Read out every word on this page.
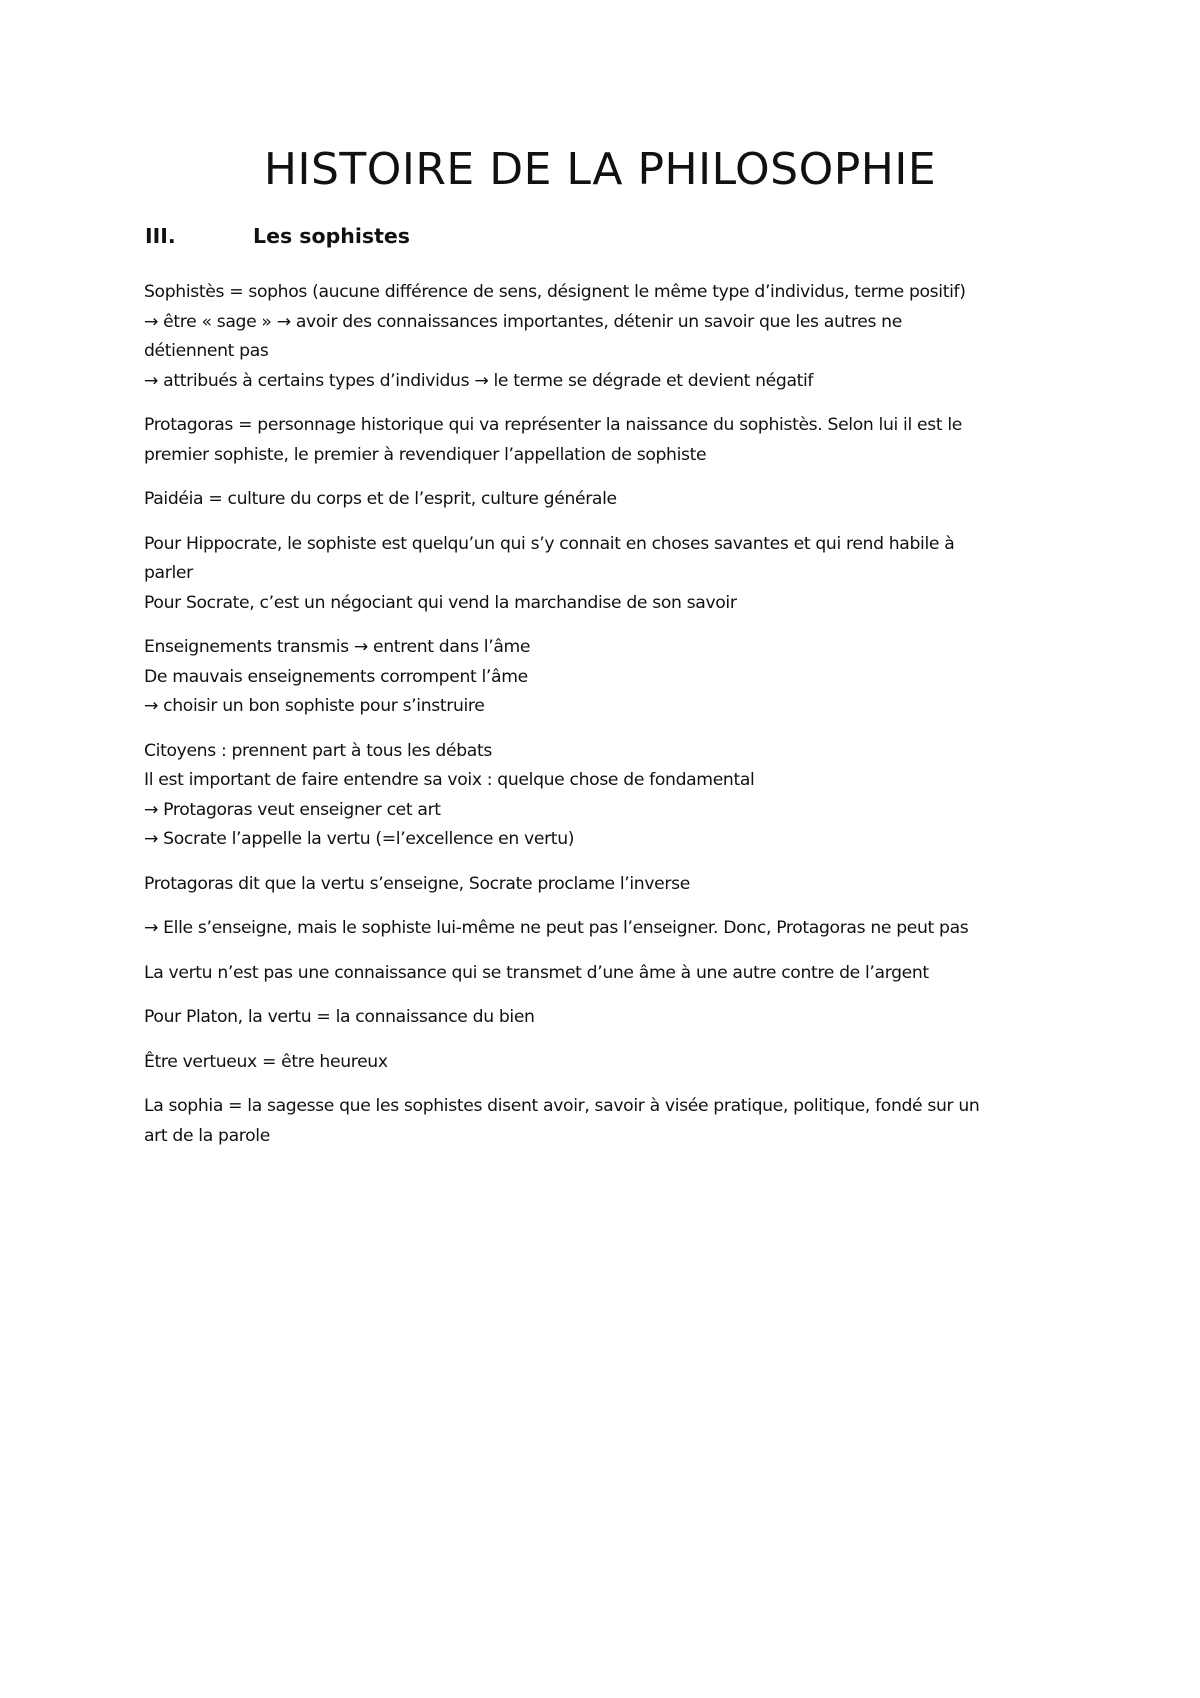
HISTOIRE DE LA PHILOSOPHIE
III.	Les sophistes

Sophistès = sophos (aucune différence de sens, désignent le même type d’individus, terme positif)
→ être « sage » → avoir des connaissances importantes, détenir un savoir que les autres ne
détiennent pas
→ attribués à certains types d’individus → le terme se dégrade et devient négatif

Protagoras = personnage historique qui va représenter la naissance du sophistès. Selon lui il est le
premier sophiste, le premier à revendiquer l’appellation de sophiste

Paidéia = culture du corps et de l’esprit, culture générale

Pour Hippocrate, le sophiste est quelqu’un qui s’y connait en choses savantes et qui rend habile à
parler
Pour Socrate, c’est un négociant qui vend la marchandise de son savoir

Enseignements transmis → entrent dans l’âme
De mauvais enseignements corrompent l’âme
→ choisir un bon sophiste pour s’instruire

Citoyens : prennent part à tous les débats
Il est important de faire entendre sa voix : quelque chose de fondamental
→ Protagoras veut enseigner cet art
→ Socrate l’appelle la vertu (=l’excellence en vertu)

Protagoras dit que la vertu s’enseigne, Socrate proclame l’inverse

→ Elle s’enseigne, mais le sophiste lui-même ne peut pas l’enseigner. Donc, Protagoras ne peut pas

La vertu n’est pas une connaissance qui se transmet d’une âme à une autre contre de l’argent

Pour Platon, la vertu = la connaissance du bien

Être vertueux = être heureux

La sophia = la sagesse que les sophistes disent avoir, savoir à visée pratique, politique, fondé sur un
art de la parole
